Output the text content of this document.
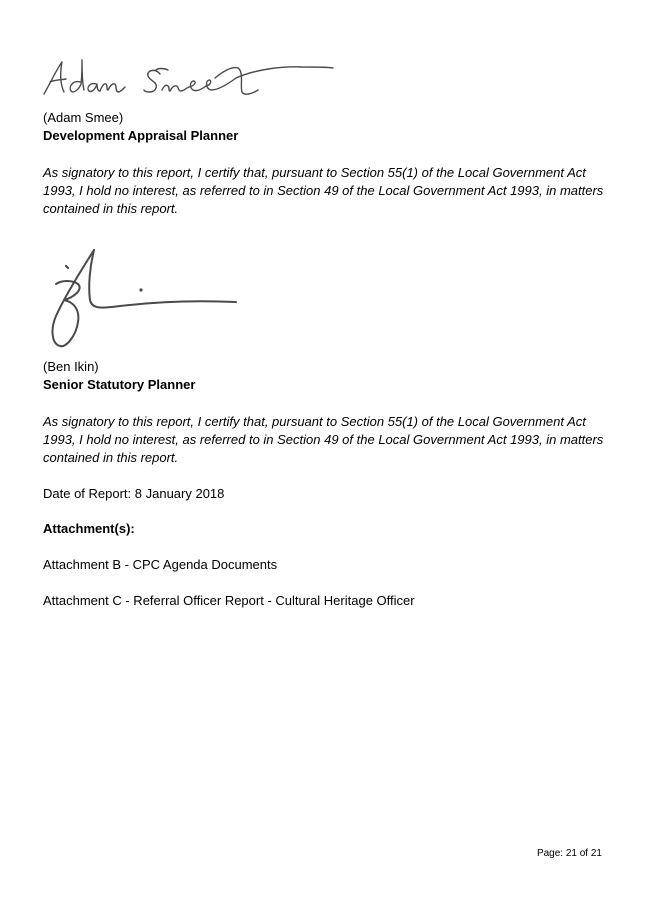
(Adam Smee)
Development Appraisal Planner
As signatory to this report, I certify that, pursuant to Section 55(1) of the Local Government Act 1993, I hold no interest, as referred to in Section 49 of the Local Government Act 1993, in matters contained in this report.
(Ben Ikin)
Senior Statutory Planner
As signatory to this report, I certify that, pursuant to Section 55(1) of the Local Government Act 1993, I hold no interest, as referred to in Section 49 of the Local Government Act 1993, in matters contained in this report.
Date of Report: 8 January 2018
Attachment(s):
Attachment B - CPC Agenda Documents
Attachment C - Referral Officer Report - Cultural Heritage Officer
Page: 21 of 21
